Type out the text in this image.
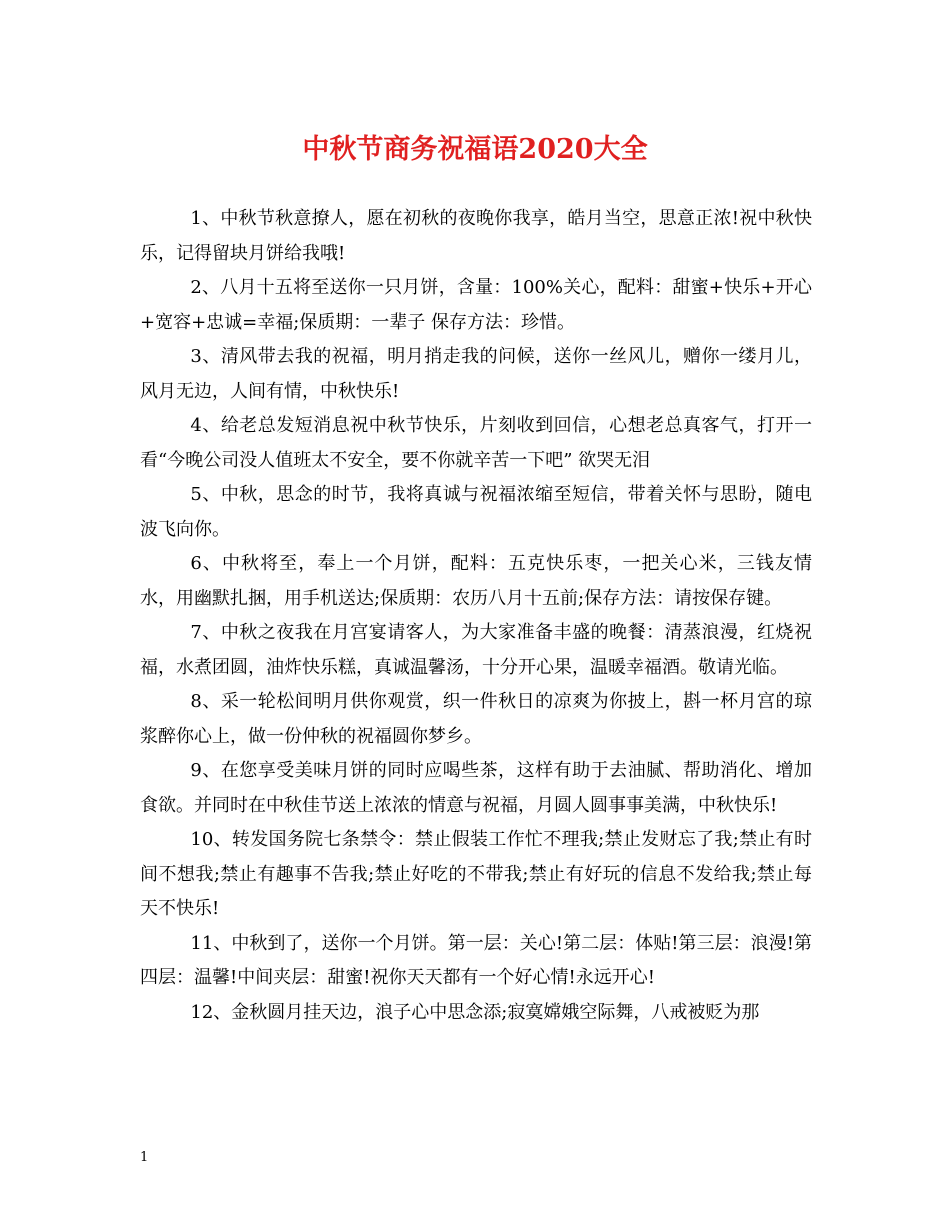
中秋节商务祝福语2020大全

1、中秋节秋意撩人，愿在初秋的夜晚你我享，皓月当空，思意正浓!祝中秋快乐，记得留块月饼给我哦!

2、八月十五将至送你一只月饼，含量：100%关心，配料：甜蜜+快乐+开心+宽容+忠诚=幸福;保质期：一辈子 保存方法：珍惜。

3、清风带去我的祝福，明月捎走我的问候，送你一丝风儿，赠你一缕月儿，风月无边，人间有情，中秋快乐!

4、给老总发短消息祝中秋节快乐，片刻收到回信，心想老总真客气，打开一看“今晚公司没人值班太不安全，要不你就辛苦一下吧” 欲哭无泪

5、中秋，思念的时节，我将真诚与祝福浓缩至短信，带着关怀与思盼，随电波飞向你。

6、中秋将至，奉上一个月饼，配料：五克快乐枣，一把关心米，三钱友情水，用幽默扎捆，用手机送达;保质期：农历八月十五前;保存方法：请按保存键。

7、中秋之夜我在月宫宴请客人，为大家准备丰盛的晚餐：清蒸浪漫，红烧祝福，水煮团圆，油炸快乐糕，真诚温馨汤，十分开心果，温暖幸福酒。敬请光临。

8、采一轮松间明月供你观赏，织一件秋日的凉爽为你披上，斟一杯月宫的琼浆醉你心上，做一份仲秋的祝福圆你梦乡。

9、在您享受美味月饼的同时应喝些茶，这样有助于去油腻、帮助消化、增加食欲。并同时在中秋佳节送上浓浓的情意与祝福，月圆人圆事事美满，中秋快乐!

10、转发国务院七条禁令：禁止假装工作忙不理我;禁止发财忘了我;禁止有时间不想我;禁止有趣事不告我;禁止好吃的不带我;禁止有好玩的信息不发给我;禁止每天不快乐!

11、中秋到了，送你一个月饼。第一层：关心!第二层：体贴!第三层：浪漫!第四层：温馨!中间夹层：甜蜜!祝你天天都有一个好心情!永远开心!

12、金秋圆月挂天边，浪子心中思念添;寂寞嫦娥空际舞，八戒被贬为那

1
